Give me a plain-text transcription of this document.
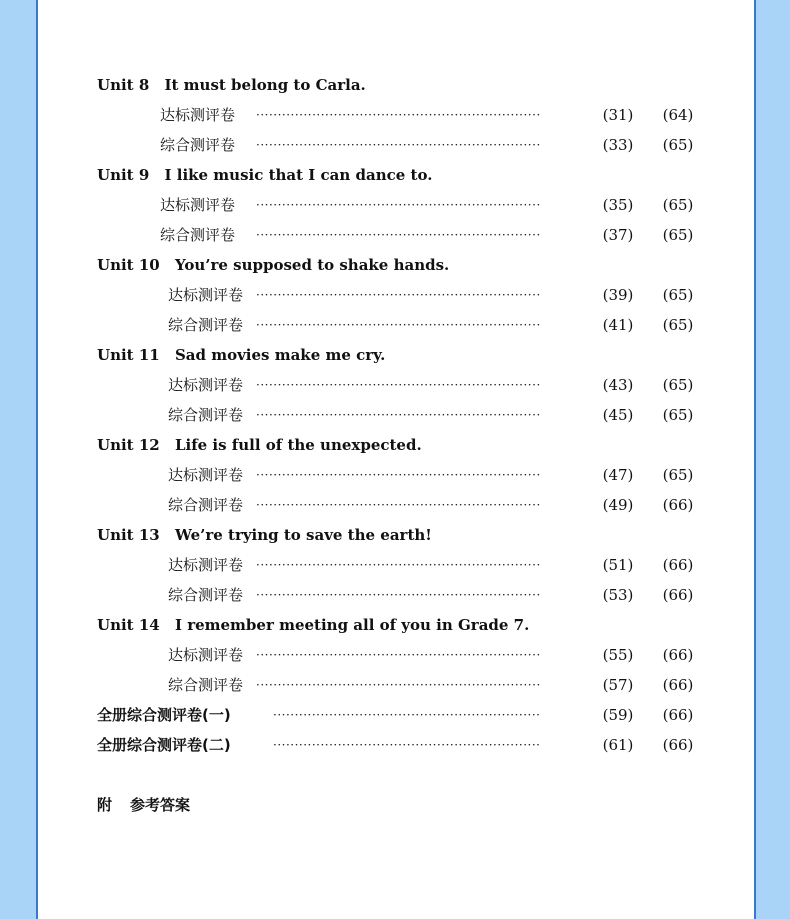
Unit 8 It must belong to Carla.
达标测评卷	··································································	(31)	(64)
综合测评卷	··································································	(33)	(65)
Unit 9 I like music that I can dance to.
达标测评卷	··································································	(35)	(65)
综合测评卷	··································································	(37)	(65)
Unit 10 You’re supposed to shake hands.
达标测评卷	··································································	(39)	(65)
综合测评卷	··································································	(41)	(65)
Unit 11 Sad movies make me cry.
达标测评卷	··································································	(43)	(65)
综合测评卷	··································································	(45)	(65)
Unit 12 Life is full of the unexpected.
达标测评卷	··································································	(47)	(65)
综合测评卷	··································································	(49)	(66)
Unit 13 We’re trying to save the earth!
达标测评卷	··································································	(51)	(66)
综合测评卷	··································································	(53)	(66)
Unit 14 I remember meeting all of you in Grade 7.
达标测评卷	··································································	(55)	(66)
综合测评卷	··································································	(57)	(66)
全册综合测评卷(一)	······························································	(59)	(66)
全册综合测评卷(二)	······························································	(61)	(66)
附 参考答案
